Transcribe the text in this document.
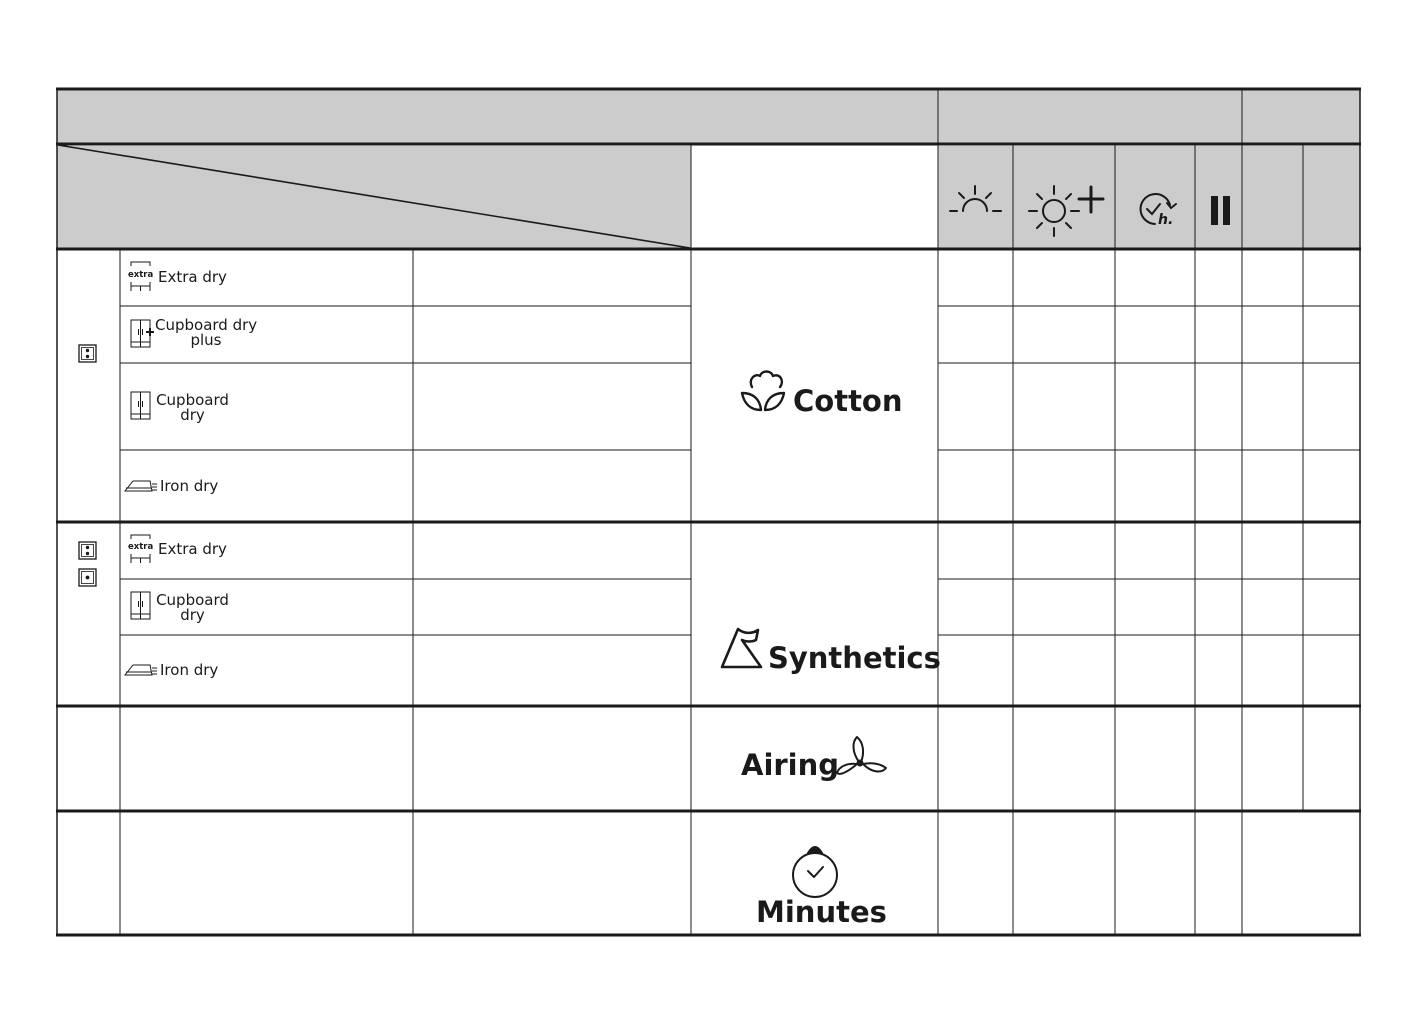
h.
extra
extra
Extra dry
Cupboard dry
plus
Cupboard
dry
Iron dry
Extra dry
Cupboard
dry
Iron dry
Cotton
Synthetics
Airing
Minutes
